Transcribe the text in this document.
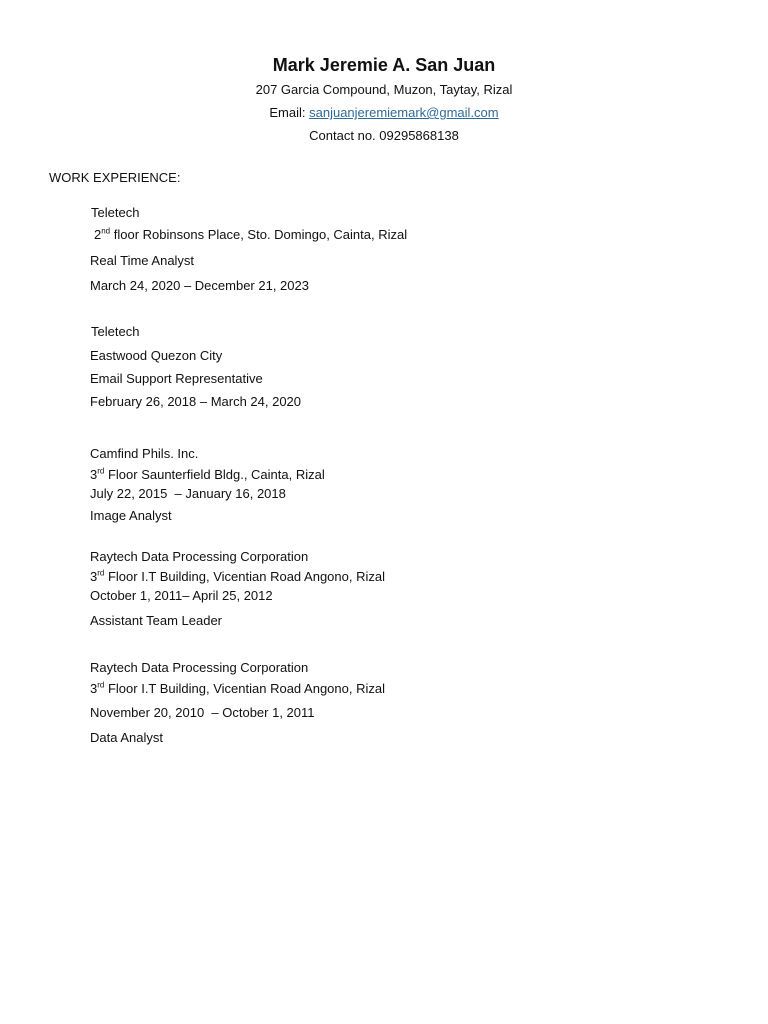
Mark Jeremie A. San Juan
207 Garcia Compound, Muzon, Taytay, Rizal
Email: sanjuanjeremiemark@gmail.com
Contact no. 09295868138
WORK EXPERIENCE:
Teletech
2nd floor Robinsons Place, Sto. Domingo, Cainta, Rizal
Real Time Analyst
March 24, 2020 – December 21, 2023
Teletech
Eastwood Quezon City
Email Support Representative
February 26, 2018 – March 24, 2020
Camfind Phils. Inc.
3rd Floor Saunterfield Bldg., Cainta, Rizal
July 22, 2015  – January 16, 2018
Image Analyst
Raytech Data Processing Corporation
3rd Floor I.T Building, Vicentian Road Angono, Rizal
October 1, 2011– April 25, 2012
Assistant Team Leader
Raytech Data Processing Corporation
3rd Floor I.T Building, Vicentian Road Angono, Rizal
November 20, 2010  – October 1, 2011
Data Analyst
